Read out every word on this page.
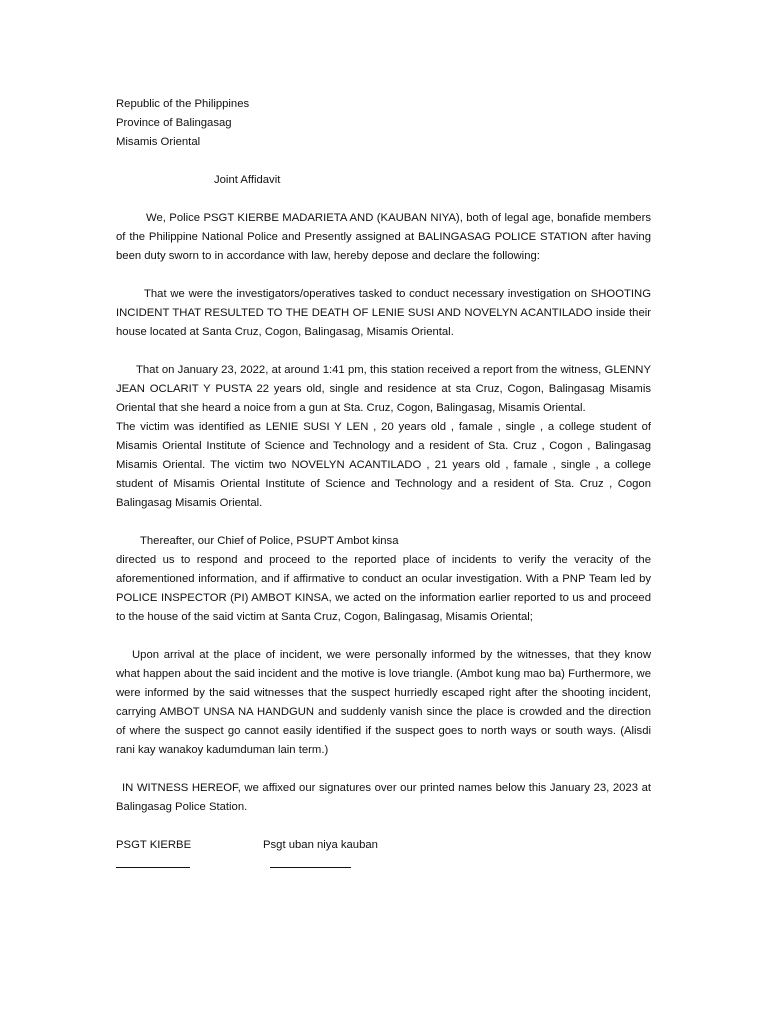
Republic of the Philippines
Province of Balingasag
Misamis Oriental
Joint Affidavit

We, Police PSGT KIERBE MADARIETA AND (KAUBAN NIYA), both of legal age, bonafide members of the Philippine National Police and Presently assigned at BALINGASAG POLICE STATION after having been duty sworn to in accordance with law, hereby depose and declare the following:

That we were the investigators/operatives tasked to conduct necessary investigation on SHOOTING INCIDENT THAT RESULTED TO THE DEATH OF LENIE SUSI AND NOVELYN ACANTILADO inside their house located at Santa Cruz, Cogon, Balingasag, Misamis Oriental.

That on January 23, 2022, at around 1:41 pm, this station received a report from the witness, GLENNY JEAN OCLARIT Y PUSTA 22 years old, single and residence at sta Cruz, Cogon, Balingasag Misamis Oriental that she heard a noice from a gun at Sta. Cruz, Cogon, Balingasag, Misamis Oriental.

The victim was identified as LENIE SUSI Y LEN , 20 years old , famale , single , a college student of Misamis Oriental Institute of Science and Technology and a resident of Sta. Cruz , Cogon , Balingasag Misamis Oriental. The victim two NOVELYN ACANTILADO , 21 years old , famale , single , a college student of Misamis Oriental Institute of Science and Technology and a resident of Sta. Cruz , Cogon Balingasag Misamis Oriental.

Thereafter, our Chief of Police, PSUPT Ambot kinsa

directed us to respond and proceed to the reported place of incidents to verify the veracity of the aforementioned information, and if affirmative to conduct an ocular investigation. With a PNP Team led by POLICE INSPECTOR (PI) AMBOT KINSA, we acted on the information earlier reported to us and proceed to the house of the said victim at Santa Cruz, Cogon, Balingasag, Misamis Oriental;

Upon arrival at the place of incident, we were personally informed by the witnesses, that they know what happen about the said incident and the motive is love triangle. (Ambot kung mao ba) Furthermore, we were informed by the said witnesses that the suspect hurriedly escaped right after the shooting incident, carrying AMBOT UNSA NA HANDGUN and suddenly vanish since the place is crowded and the direction of where the suspect go cannot easily identified if the suspect goes to north ways or south ways. (Alisdi rani kay wanakoy kadumduman lain term.)

IN WITNESS HEREOF, we affixed our signatures over our printed names below this January 23, 2023 at Balingasag Police Station.

PSGT KIERBE	Psgt uban niya kauban
